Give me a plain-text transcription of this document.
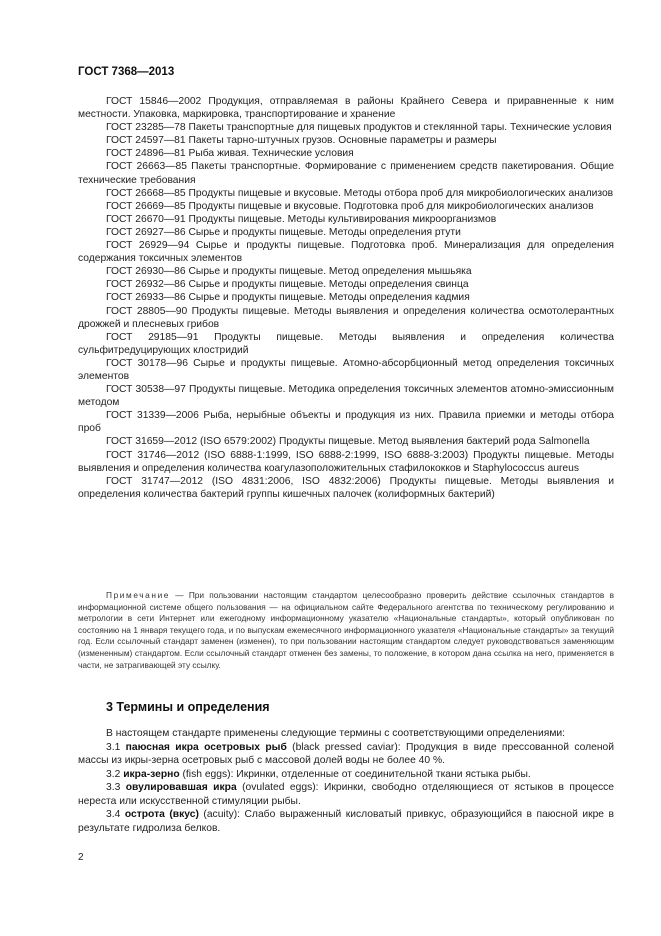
ГОСТ 7368—2013

ГОСТ 15846—2002 Продукция, отправляемая в районы Крайнего Севера и приравненные к ним местности. Упаковка, маркировка, транспортирование и хранение

ГОСТ 23285—78 Пакеты транспортные для пищевых продуктов и стеклянной тары. Технические условия

ГОСТ 24597—81 Пакеты тарно-штучных грузов. Основные параметры и размеры

ГОСТ 24896—81 Рыба живая. Технические условия

ГОСТ 26663—85 Пакеты транспортные. Формирование с применением средств пакетирования. Общие технические требования

ГОСТ 26668—85 Продукты пищевые и вкусовые. Методы отбора проб для микробиологических анализов

ГОСТ 26669—85 Продукты пищевые и вкусовые. Подготовка проб для микробиологических анализов

ГОСТ 26670—91 Продукты пищевые. Методы культивирования микроорганизмов

ГОСТ 26927—86 Сырье и продукты пищевые. Методы определения ртути

ГОСТ 26929—94 Сырье и продукты пищевые. Подготовка проб. Минерализация для определения содержания токсичных элементов

ГОСТ 26930—86 Сырье и продукты пищевые. Метод определения мышьяка

ГОСТ 26932—86 Сырье и продукты пищевые. Методы определения свинца

ГОСТ 26933—86 Сырье и продукты пищевые. Методы определения кадмия

ГОСТ 28805—90 Продукты пищевые. Методы выявления и определения количества осмотолерантных дрожжей и плесневых грибов

ГОСТ 29185—91 Продукты пищевые. Методы выявления и определения количества сульфитредуцирующих клостридий

ГОСТ 30178—96 Сырье и продукты пищевые. Атомно-абсорбционный метод определения токсичных элементов

ГОСТ 30538—97 Продукты пищевые. Методика определения токсичных элементов атомно-эмиссионным методом

ГОСТ 31339—2006 Рыба, нерыбные объекты и продукция из них. Правила приемки и методы отбора проб

ГОСТ 31659—2012 (ISO 6579:2002) Продукты пищевые. Метод выявления бактерий рода Salmonella

ГОСТ 31746—2012 (ISO 6888-1:1999, ISO 6888-2:1999, ISO 6888-3:2003) Продукты пищевые. Методы выявления и определения количества коагулазоположительных стафилококков и Staphylococcus aureus

ГОСТ 31747—2012 (ISO 4831:2006, ISO 4832:2006) Продукты пищевые. Методы выявления и определения количества бактерий группы кишечных палочек (колиформных бактерий)

Примечание — При пользовании настоящим стандартом целесообразно проверить действие ссылочных стандартов в информационной системе общего пользования — на официальном сайте Федерального агентства по техническому регулированию и метрологии в сети Интернет или ежегодному информационному указателю «Национальные стандарты», который опубликован по состоянию на 1 января текущего года, и по выпускам ежемесячного информационного указателя «Национальные стандарты» за текущий год. Если ссылочный стандарт заменен (изменен), то при пользовании настоящим стандартом следует руководствоваться заменяющим (измененным) стандартом. Если ссылочный стандарт отменен без замены, то положение, в котором дана ссылка на него, применяется в части, не затрагивающей эту ссылку.

3 Термины и определения

В настоящем стандарте применены следующие термины с соответствующими определениями:

3.1 паюсная икра осетровых рыб (black pressed caviar): Продукция в виде прессованной соленой массы из икры-зерна осетровых рыб с массовой долей воды не более 40 %.

3.2 икра-зерно (fish eggs): Икринки, отделенные от соединительной ткани ястыка рыбы.

3.3 овулировавшая икра (ovulated eggs): Икринки, свободно отделяющиеся от ястыков в процессе нереста или искусственной стимуляции рыбы.

3.4 острота (вкус) (acuity): Слабо выраженный кисловатый привкус, образующийся в паюсной икре в результате гидролиза белков.

2
